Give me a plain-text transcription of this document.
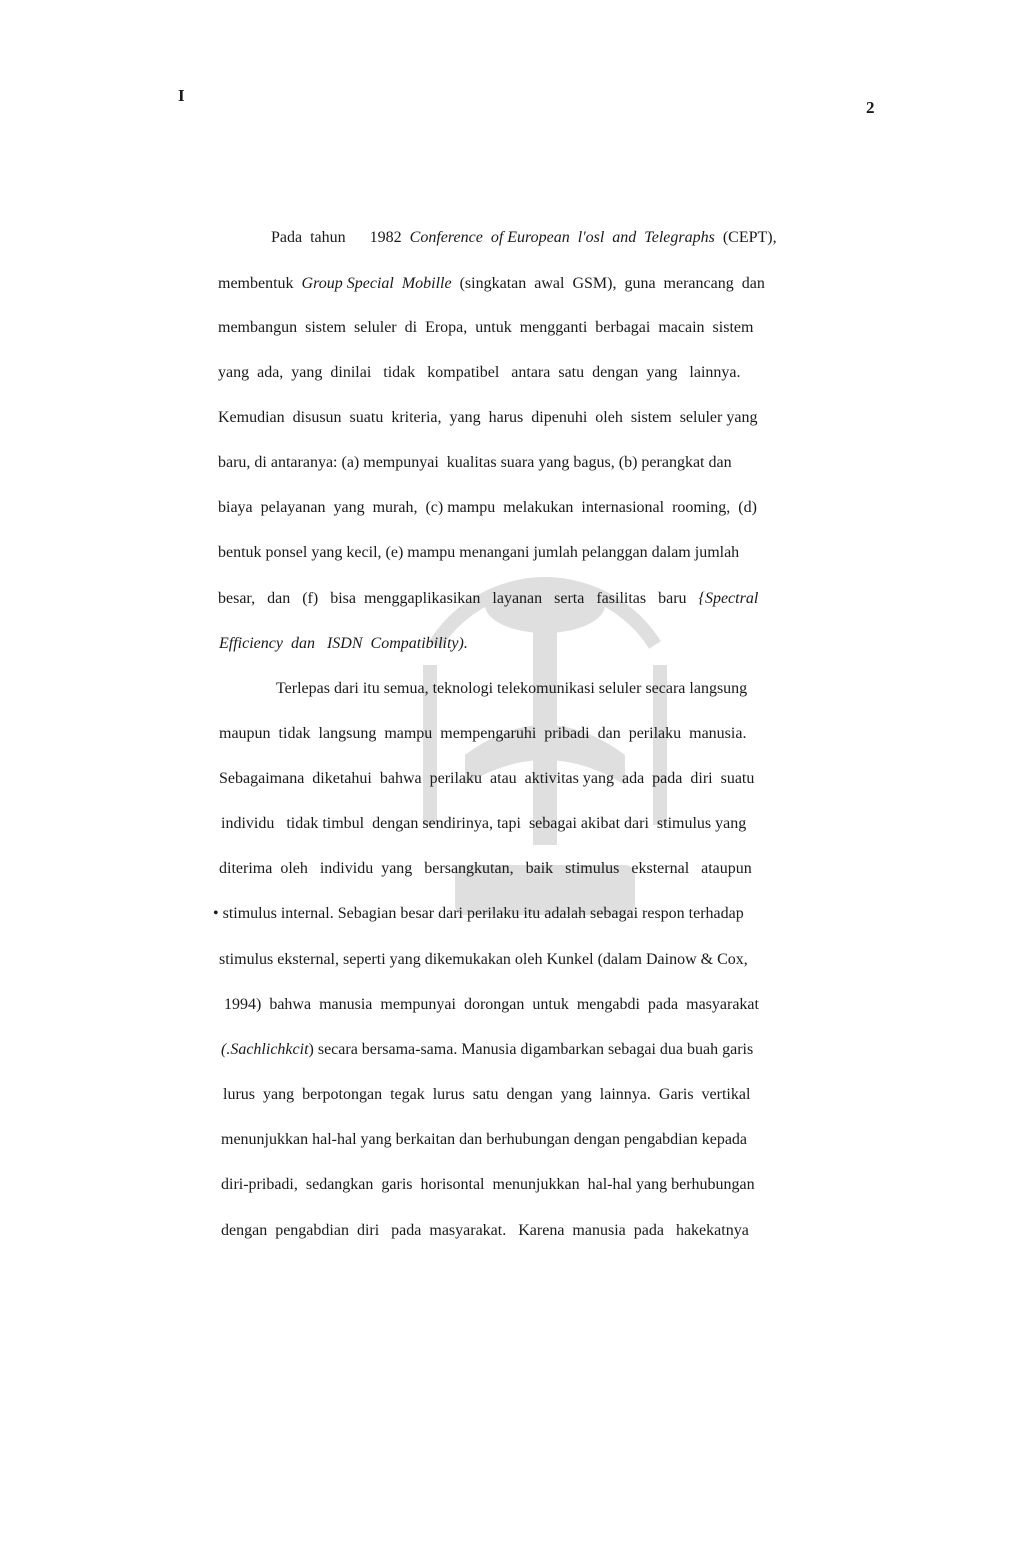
I
2
Pada  tahun      1982  Conference  of European  l'osl  and  Telegraphs  (CEPT),
membentuk  Group Special  Mobille  (singkatan  awal  GSM),  guna  merancang  dan
membangun  sistem  seluler  di  Eropa,  untuk  mengganti  berbagai  macain  sistem
yang  ada,  yang  dinilai   tidak   kompatibel   antara  satu  dengan  yang   lainnya.
Kemudian  disusun  suatu  kriteria,  yang  harus  dipenuhi  oleh  sistem  seluler yang
baru, di antaranya: (a) mempunyai  kualitas suara yang bagus, (b) perangkat dan
biaya  pelayanan  yang  murah,  (c) mampu  melakukan  internasional  rooming,  (d)
bentuk ponsel yang kecil, (e) mampu menangani jumlah pelanggan dalam jumlah
besar,   dan   (f)   bisa  menggaplikasikan   layanan   serta   fasilitas   baru   {Spectral
Efficiency  dan   ISDN  Compatibility).
Terlepas dari itu semua, teknologi telekomunikasi seluler secara langsung
maupun  tidak  langsung  mampu  mempengaruhi  pribadi  dan  perilaku  manusia.
Sebagaimana  diketahui  bahwa  perilaku  atau  aktivitas yang  ada  pada  diri  suatu
individu   tidak timbul  dengan sendirinya, tapi  sebagai akibat dari  stimulus yang
diterima  oleh   individu  yang   bersangkutan,   baik   stimulus   eksternal   ataupun
• stimulus internal. Sebagian besar dari perilaku itu adalah sebagai respon terhadap
stimulus eksternal, seperti yang dikemukakan oleh Kunkel (dalam Dainow & Cox,
1994)  bahwa  manusia  mempunyai  dorongan  untuk  mengabdi  pada  masyarakat
(.Sachlichkcit) secara bersama-sama. Manusia digambarkan sebagai dua buah garis
lurus  yang  berpotongan  tegak  lurus  satu  dengan  yang  lainnya.  Garis  vertikal
menunjukkan hal-hal yang berkaitan dan berhubungan dengan pengabdian kepada
diri-pribadi,  sedangkan  garis  horisontal  menunjukkan  hal-hal yang berhubungan
dengan  pengabdian  diri   pada  masyarakat.   Karena  manusia  pada   hakekatnya
